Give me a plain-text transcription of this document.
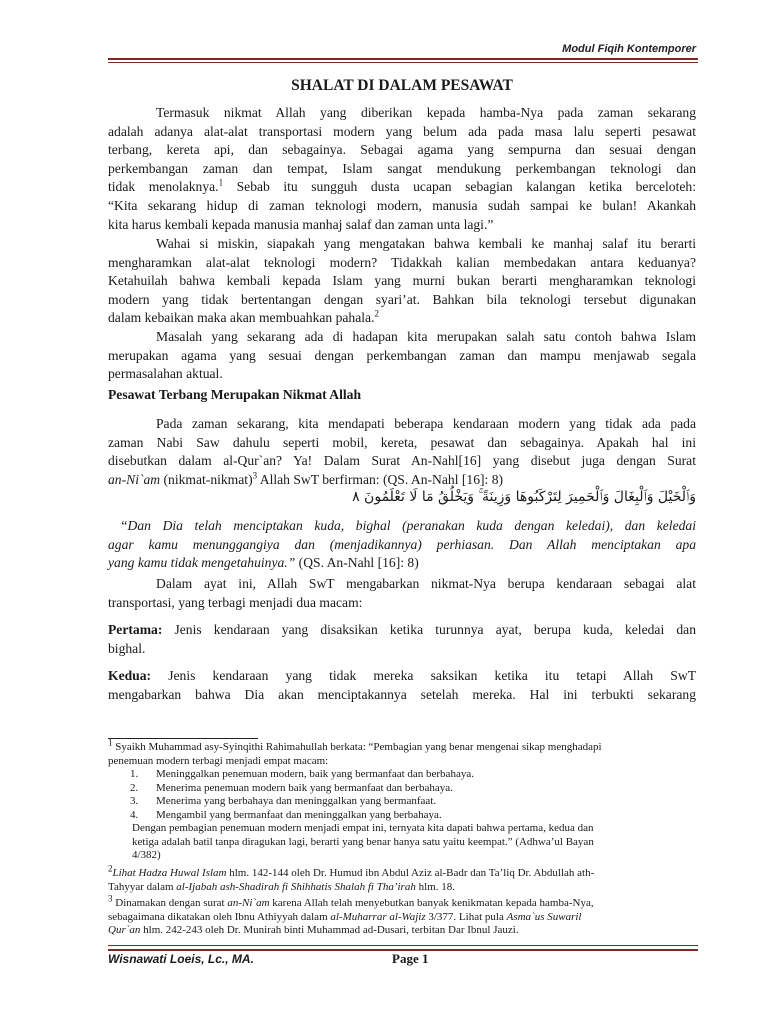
Modul Fiqih Kontemporer
SHALAT DI DALAM PESAWAT
Termasuk nikmat Allah yang diberikan kepada hamba-Nya pada zaman sekarang
adalah adanya alat-alat transportasi modern yang belum ada pada masa lalu seperti pesawat
terbang, kereta api, dan sebagainya. Sebagai agama yang sempurna dan sesuai dengan
perkembangan zaman dan tempat, Islam sangat mendukung perkembangan teknologi dan
tidak menolaknya.$^1$ Sebab itu sungguh dusta ucapan sebagian kalangan ketika berceloteh:
“Kita sekarang hidup di zaman teknologi modern, manusia sudah sampai ke bulan! Akankah
kita harus kembali kepada manusia manhaj salaf dan zaman unta lagi.”
Wahai si miskin, siapakah yang mengatakan bahwa kembali ke manhaj salaf itu berarti
mengharamkan alat-alat teknologi modern? Tidakkah kalian membedakan antara keduanya?
Ketahuilah bahwa kembali kepada Islam yang murni bukan berarti mengharamkan teknologi
modern yang tidak bertentangan dengan syari’at. Bahkan bila teknologi tersebut digunakan
dalam kebaikan maka akan membuahkan pahala.$^2$
Masalah yang sekarang ada di hadapan kita merupakan salah satu contoh bahwa Islam
merupakan agama yang sesuai dengan perkembangan zaman dan mampu menjawab segala
permasalahan aktual.
Pesawat Terbang Merupakan Nikmat Allah
Pada zaman sekarang, kita mendapati beberapa kendaraan modern yang tidak ada pada
zaman Nabi Saw dahulu seperti mobil, kereta, pesawat dan sebagainya. Apakah hal ini
disebutkan dalam al-Qur`an? Ya! Dalam Surat An-Nahl[16] yang disebut juga dengan Surat
an-Ni`am (nikmat-nikmat)$^3$ Allah SwT berfirman: (QS. An-Nahl [16]: 8)
وَٱلْخَيْلَ وَٱلْبِغَالَ وَٱلْحَمِيرَ لِتَرْكَبُوهَا وَزِينَةً ۚ وَيَخْلُقُ مَا لَا تَعْلَمُونَ ٨
“Dan Dia telah menciptakan kuda, bighal (peranakan kuda dengan keledai), dan keledai
agar kamu menunggangiya dan (menjadikannya) perhiasan. Dan Allah menciptakan apa
yang kamu tidak mengetahuinya.” (QS. An-Nahl [16]: 8)
Dalam ayat ini, Allah SwT mengabarkan nikmat-Nya berupa kendaraan sebagai alat
transportasi, yang terbagi menjadi dua macam:
Pertama: Jenis kendaraan yang disaksikan ketika turunnya ayat, berupa kuda, keledai dan
bighal.
Kedua: Jenis kendaraan yang tidak mereka saksikan ketika itu tetapi Allah SwT
mengabarkan bahwa Dia akan menciptakannya setelah mereka. Hal ini terbukti sekarang
$^1$ Syaikh Muhammad asy-Syinqithi Rahimahullah berkata: “Pembagian yang benar mengenai sikap menghadapi
penemuan modern terbagi menjadi empat macam:
1. Meninggalkan penemuan modern, baik yang bermanfaat dan berbahaya.
2. Menerima penemuan modern baik yang bermanfaat dan berbahaya.
3. Menerima yang berbahaya dan meninggalkan yang bermanfaat.
4. Mengambil yang bermanfaat dan meninggalkan yang berbahaya.
Dengan pembagian penemuan modern menjadi empat ini, ternyata kita dapati bahwa pertama, kedua dan
ketiga adalah batil tanpa diragukan lagi, berarti yang benar hanya satu yaitu keempat.” (Adhwa’ul Bayan
4/382)
$^2$Lihat Hadza Huwal Islam hlm. 142-144 oleh Dr. Humud ibn Abdul Aziz al-Badr dan Ta’liq Dr. Abdullah ath-
Tahyyar dalam al-Ijabah ash-Shadirah fi Shihhatis Shalah fi Tha’irah hlm. 18.
$^3$ Dinamakan dengan surat an-Ni`am karena Allah telah menyebutkan banyak kenikmatan kepada hamba-Nya,
sebagaimana dikatakan oleh Ibnu Athiyyah dalam al-Muharrar al-Wajiz 3/377. Lihat pula Asma`us Suwaril
Qur`an hlm. 242-243 oleh Dr. Munirah binti Muhammad ad-Dusari, terbitan Dar Ibnul Jauzi.
Wisnawati Loeis, Lc., MA.	Page 1
